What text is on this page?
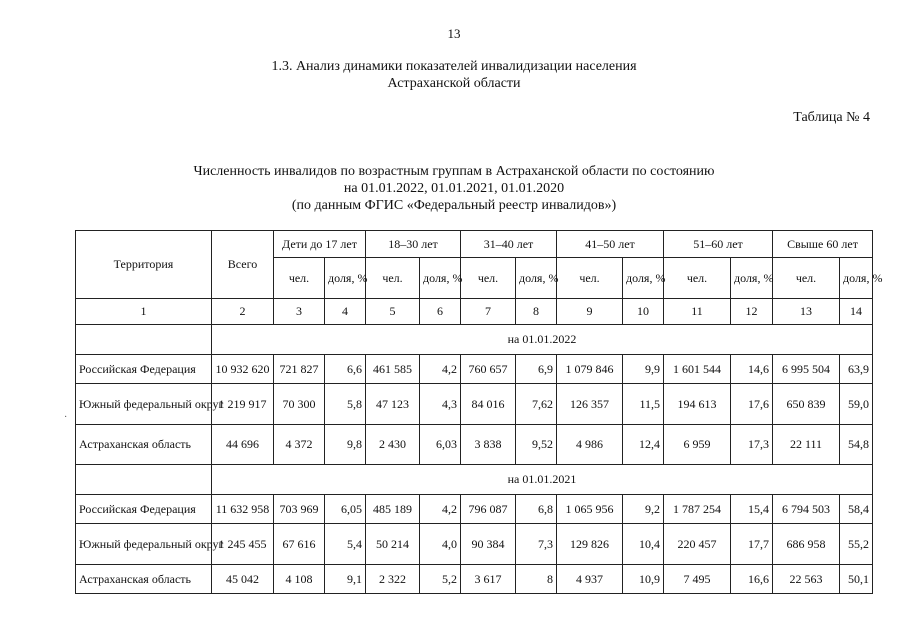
13
1.3. Анализ динамики показателей инвалидизации населения
Астраханской области
Таблица № 4
Численность инвалидов по возрастным группам в Астраханской области по состоянию
на 01.01.2022, 01.01.2021, 01.01.2020
(по данным ФГИС «Федеральный реестр инвалидов»)
·
Территория	Всего	Дети до 17 лет		18–30 лет		31–40 лет		41–50 лет		51–60 лет		Свыше 60 лет	
		чел.	доля, %	чел.	доля, %	чел.	доля, %	чел.	доля, %	чел.	доля, %	чел.	доля, %
1	2	3	4	5	6	7	8	9	10	11	12	13	14
	на 01.01.2022												
Российская Федерация	10 932 620	721 827	6,6	461 585	4,2	760 657	6,9	1 079 846	9,9	1 601 544	14,6	6 995 504	63,9
Южный федеральный округ	1 219 917	70 300	5,8	47 123	4,3	84 016	7,62	126 357	11,5	194 613	17,6	650 839	59,0
Астраханская область	44 696	4 372	9,8	2 430	6,03	3 838	9,52	4 986	12,4	6 959	17,3	22 111	54,8
	на 01.01.2021												
Российская Федерация	11 632 958	703 969	6,05	485 189	4,2	796 087	6,8	1 065 956	9,2	1 787 254	15,4	6 794 503	58,4
Южный федеральный округ	1 245 455	67 616	5,4	50 214	4,0	90 384	7,3	129 826	10,4	220 457	17,7	686 958	55,2
Астраханская область	45 042	4 108	9,1	2 322	5,2	3 617	8	4 937	10,9	7 495	16,6	22 563	50,1
